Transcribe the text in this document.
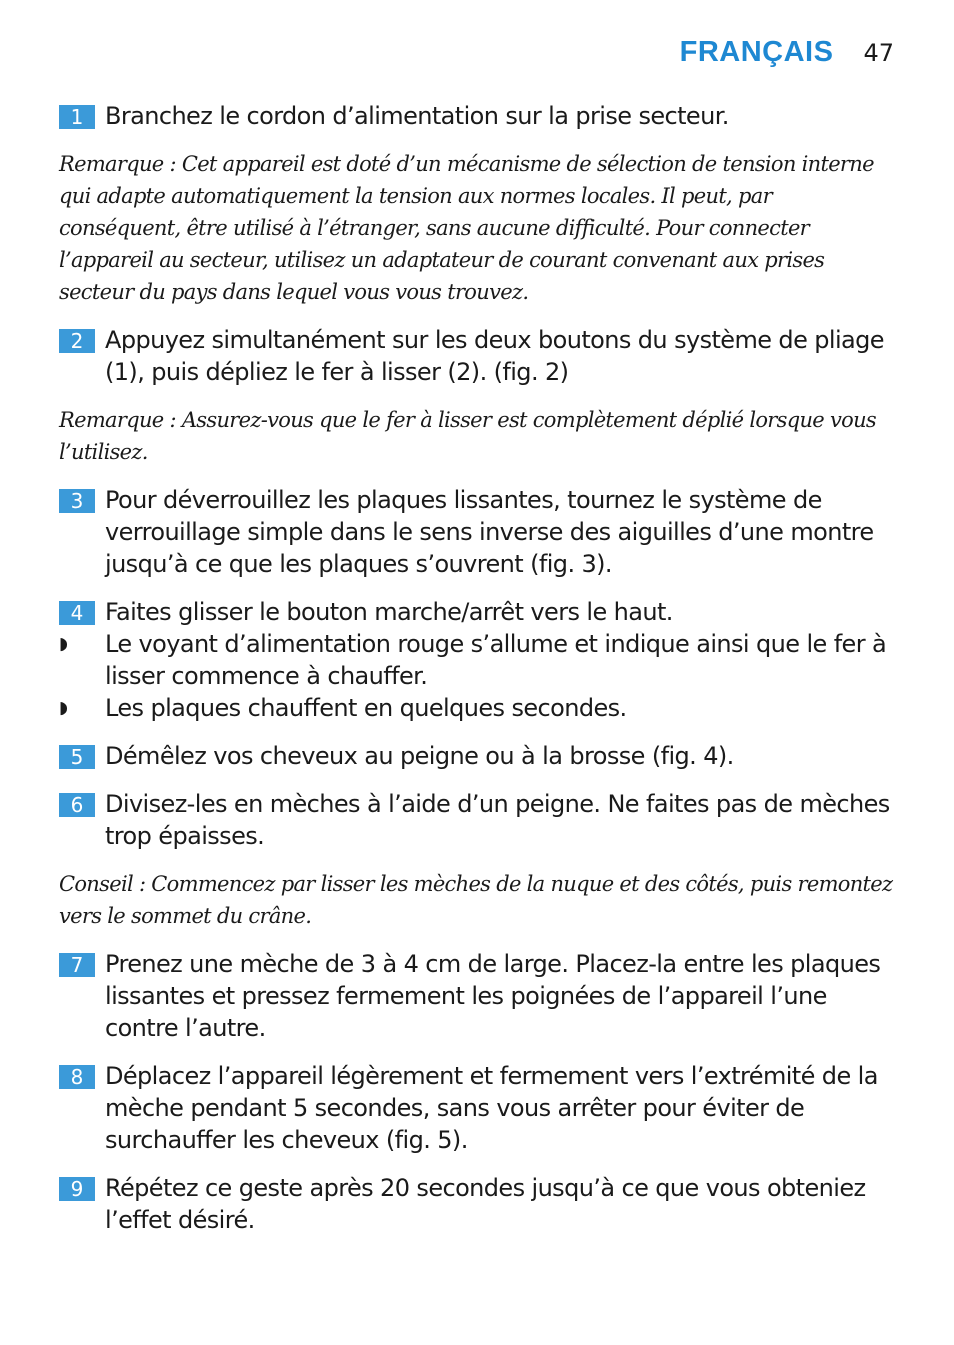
FRANÇAIS 47
1 Branchez le cordon d’alimentation sur la prise secteur.
Remarque : Cet appareil est doté d’un mécanisme de sélection de tension interne qui adapte automatiquement la tension aux normes locales. Il peut, par conséquent, être utilisé à l’étranger, sans aucune difficulté. Pour connecter l’appareil au secteur, utilisez un adaptateur de courant convenant aux prises secteur du pays dans lequel vous vous trouvez.
2 Appuyez simultanément sur les deux boutons du système de pliage (1), puis dépliez le fer à lisser (2). (fig. 2)
Remarque : Assurez-vous que le fer à lisser est complètement déplié lorsque vous l’utilisez.
3 Pour déverrouillez les plaques lissantes, tournez le système de verrouillage simple dans le sens inverse des aiguilles d’une montre jusqu’à ce que les plaques s’ouvrent (fig. 3).
4 Faites glisser le bouton marche/arrêt vers le haut.
◗	Le voyant d’alimentation rouge s’allume et indique ainsi que le fer à lisser commence à chauffer.
◗	Les plaques chauffent en quelques secondes.
5 Démêlez vos cheveux au peigne ou à la brosse (fig. 4).
6 Divisez-les en mèches à l’aide d’un peigne. Ne faites pas de mèches trop épaisses.
Conseil : Commencez par lisser les mèches de la nuque et des côtés, puis remontez vers le sommet du crâne.
7 Prenez une mèche de 3 à 4 cm de large. Placez-la entre les plaques lissantes et pressez fermement les poignées de l’appareil l’une contre l’autre.
8 Déplacez l’appareil légèrement et fermement vers l’extrémité de la mèche pendant 5 secondes, sans vous arrêter pour éviter de surchauffer les cheveux (fig. 5).
9 Répétez ce geste après 20 secondes jusqu’à ce que vous obteniez l’effet désiré.
